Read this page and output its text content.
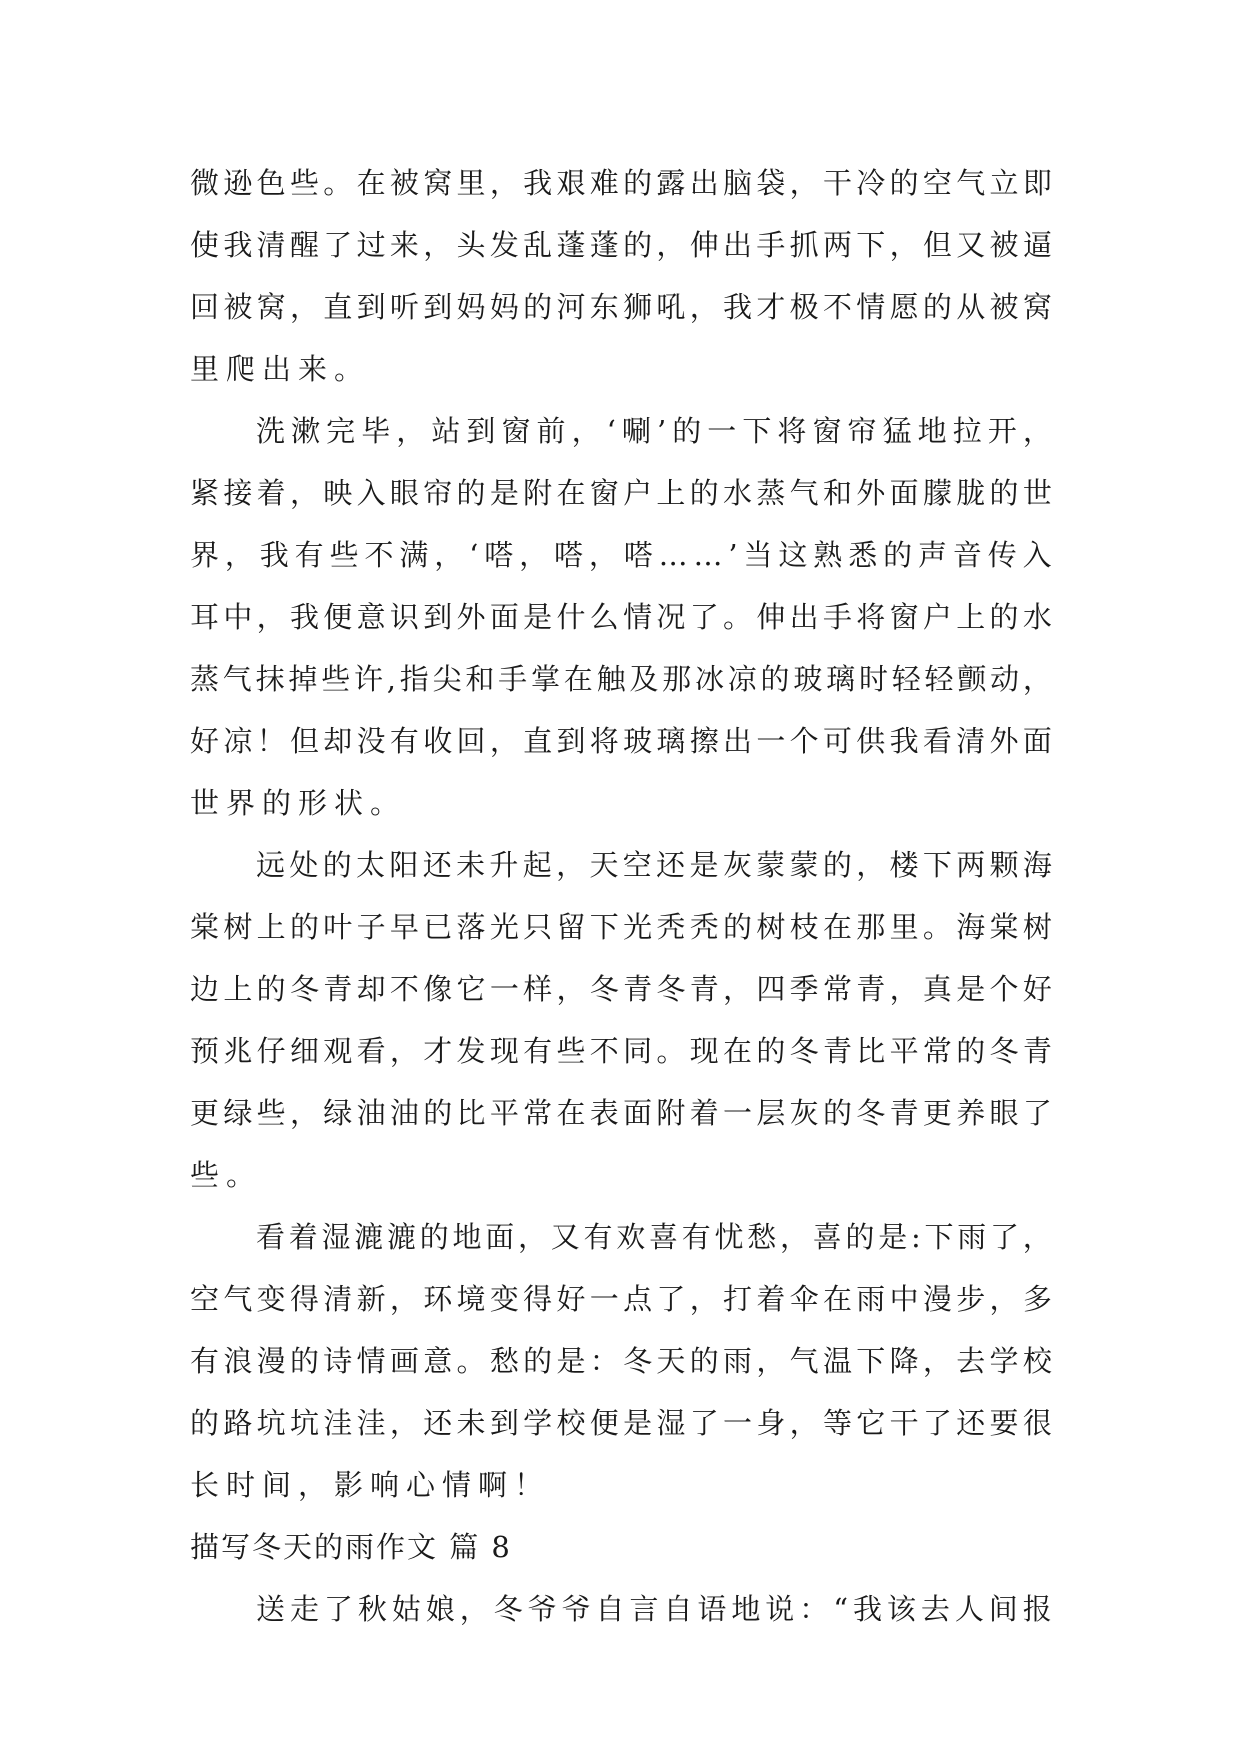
微 逊 色 些 。 在 被 窝 里 ， 我 艰 难 的 露 出 脑 袋 ， 干 冷 的 空 气 立 即
使 我 清 醒 了 过 来 ， 头 发 乱 蓬 蓬 的 ， 伸 出 手 抓 两 下 ， 但 又 被 逼
回 被 窝 ， 直 到 听 到 妈 妈 的 河 东 狮 吼 ， 我 才 极 不 情 愿 的 从 被 窝
里爬出来。
洗 漱 完 毕 ， 站 到 窗 前 ， ‘ 唰 ’ 的 一 下 将 窗 帘 猛 地 拉 开 ，
紧 接 着 ， 映 入 眼 帘 的 是 附 在 窗 户 上 的 水 蒸 气 和 外 面 朦 胧 的 世
界 ， 我 有 些 不 满 ， ‘ 嗒 ， 嗒 ， 嗒 … … ’ 当 这 熟 悉 的 声 音 传 入
耳 中 ， 我 便 意 识 到 外 面 是 什 么 情 况 了 。 伸 出 手 将 窗 户 上 的 水
蒸 气 抹 掉 些 许 , 指 尖 和 手 掌 在 触 及 那 冰 凉 的 玻 璃 时 轻 轻 颤 动 ，
好 凉 ！ 但 却 没 有 收 回 ， 直 到 将 玻 璃 擦 出 一 个 可 供 我 看 清 外 面
世界的形状。
远 处 的 太 阳 还 未 升 起 ， 天 空 还 是 灰 蒙 蒙 的 ， 楼 下 两 颗 海
棠 树 上 的 叶 子 早 已 落 光 只 留 下 光 秃 秃 的 树 枝 在 那 里 。 海 棠 树
边 上 的 冬 青 却 不 像 它 一 样 ， 冬 青 冬 青 ， 四 季 常 青 ， 真 是 个 好
预 兆 仔 细 观 看 ， 才 发 现 有 些 不 同 。 现 在 的 冬 青 比 平 常 的 冬 青
更 绿 些 ， 绿 油 油 的 比 平 常 在 表 面 附 着 一 层 灰 的 冬 青 更 养 眼 了
些。
看 着 湿 漉 漉 的 地 面 ， 又 有 欢 喜 有 忧 愁 ， 喜 的 是 : 下 雨 了 ，
空 气 变 得 清 新 ， 环 境 变 得 好 一 点 了 ， 打 着 伞 在 雨 中 漫 步 ， 多
有 浪 漫 的 诗 情 画 意 。 愁 的 是 ： 冬 天 的 雨 ， 气 温 下 降 ， 去 学 校
的 路 坑 坑 洼 洼 ， 还 未 到 学 校 便 是 湿 了 一 身 ， 等 它 干 了 还 要 很
长时间，影响心情啊！
描写冬天的雨作文 篇 8
送 走 了 秋 姑 娘 ， 冬 爷 爷 自 言 自 语 地 说 ： “ 我 该 去 人 间 报
